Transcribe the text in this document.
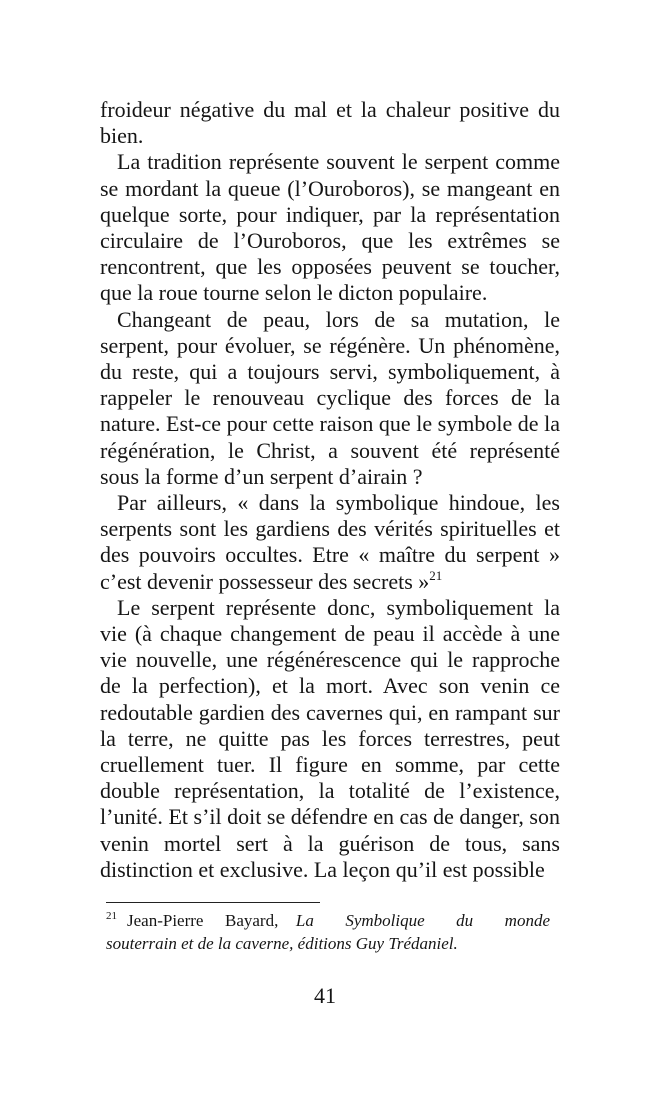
froideur négative du mal et la chaleur positive du bien.

La tradition représente souvent le serpent comme se mordant la queue (l’Ouroboros), se mangeant en quelque sorte, pour indiquer, par la représentation circulaire de l’Ouroboros, que les extrêmes se rencontrent, que les opposées peuvent se toucher, que la roue tourne selon le dicton populaire.

Changeant de peau, lors de sa mutation, le serpent, pour évoluer, se régénère. Un phénomène, du reste, qui a toujours servi, symboliquement, à rappeler le renouveau cyclique des forces de la nature. Est-ce pour cette raison que le symbole de la régénération, le Christ, a souvent été représenté sous la forme d’un serpent d’airain ?

Par ailleurs, « dans la symbolique hindoue, les serpents sont les gardiens des vérités spirituelles et des pouvoirs occultes. Etre « maître du serpent » c’est devenir possesseur des secrets »$^{21}$

Le serpent représente donc, symboliquement la vie (à chaque changement de peau il accède à une vie nouvelle, une régénérescence qui le rapproche de la perfection), et la mort. Avec son venin ce redoutable gardien des cavernes qui, en rampant sur la terre, ne quitte pas les forces terrestres, peut cruellement tuer. Il figure en somme, par cette double représentation, la totalité de l’existence, l’unité. Et s’il doit se défendre en cas de danger, son venin mortel sert à la guérison de tous, sans distinction et exclusive. La leçon qu’il est possible

$^{21}$ Jean-Pierre Bayard, La Symbolique du monde souterrain et de la caverne, éditions Guy Trédaniel.
41
